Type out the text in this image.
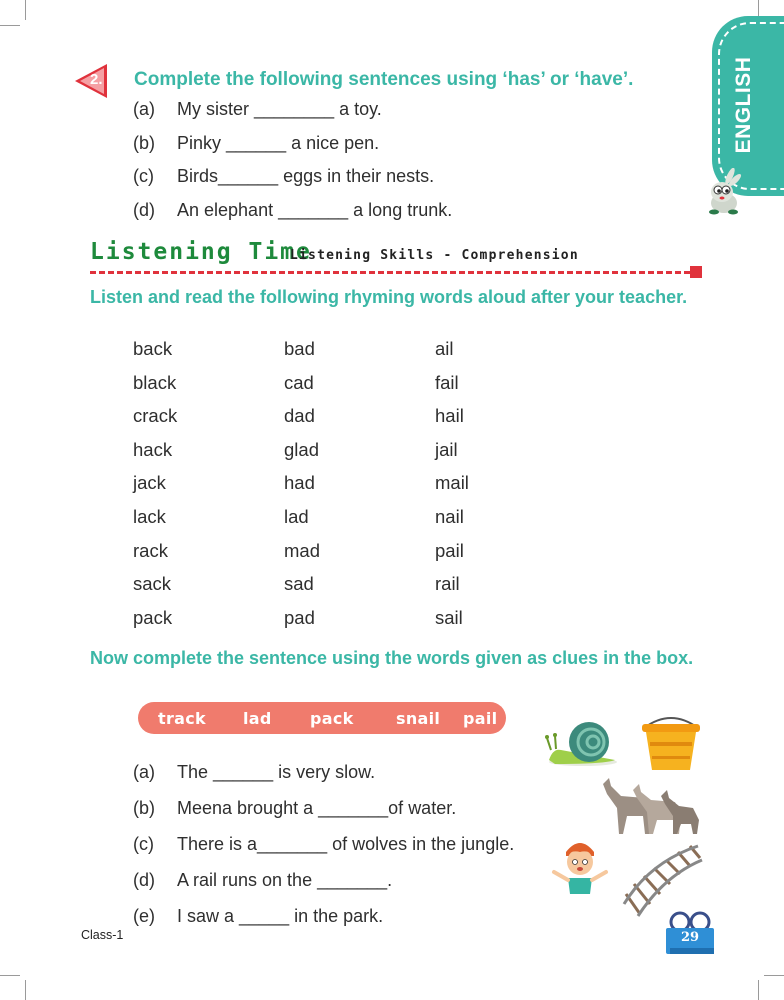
ENGLISH
2. Complete the following sentences using ‘has’ or ‘have’.
(a) My sister ________ a toy.
(b) Pinky ______ a nice pen.
(c) Birds______ eggs in their nests.
(d) An elephant _______ a long trunk.
Listening Time
Listening Skills - Comprehension
Listen and read the following rhyming words aloud after your teacher.
back
black
crack
hack
jack
lack
rack
sack
pack
bad
cad
dad
glad
had
lad
mad
sad
pad
ail
fail
hail
jail
mail
nail
pail
rail
sail
Now complete the sentence using the words given as clues in the box.
track lad pack	snail pail
(a) The ______ is very slow.
(b) Meena brought a _______of water.
(c) There is a_______ of wolves in the jungle.
(d) A rail runs on the _______.
(e) I saw a _____ in the park.
Class-1	29
